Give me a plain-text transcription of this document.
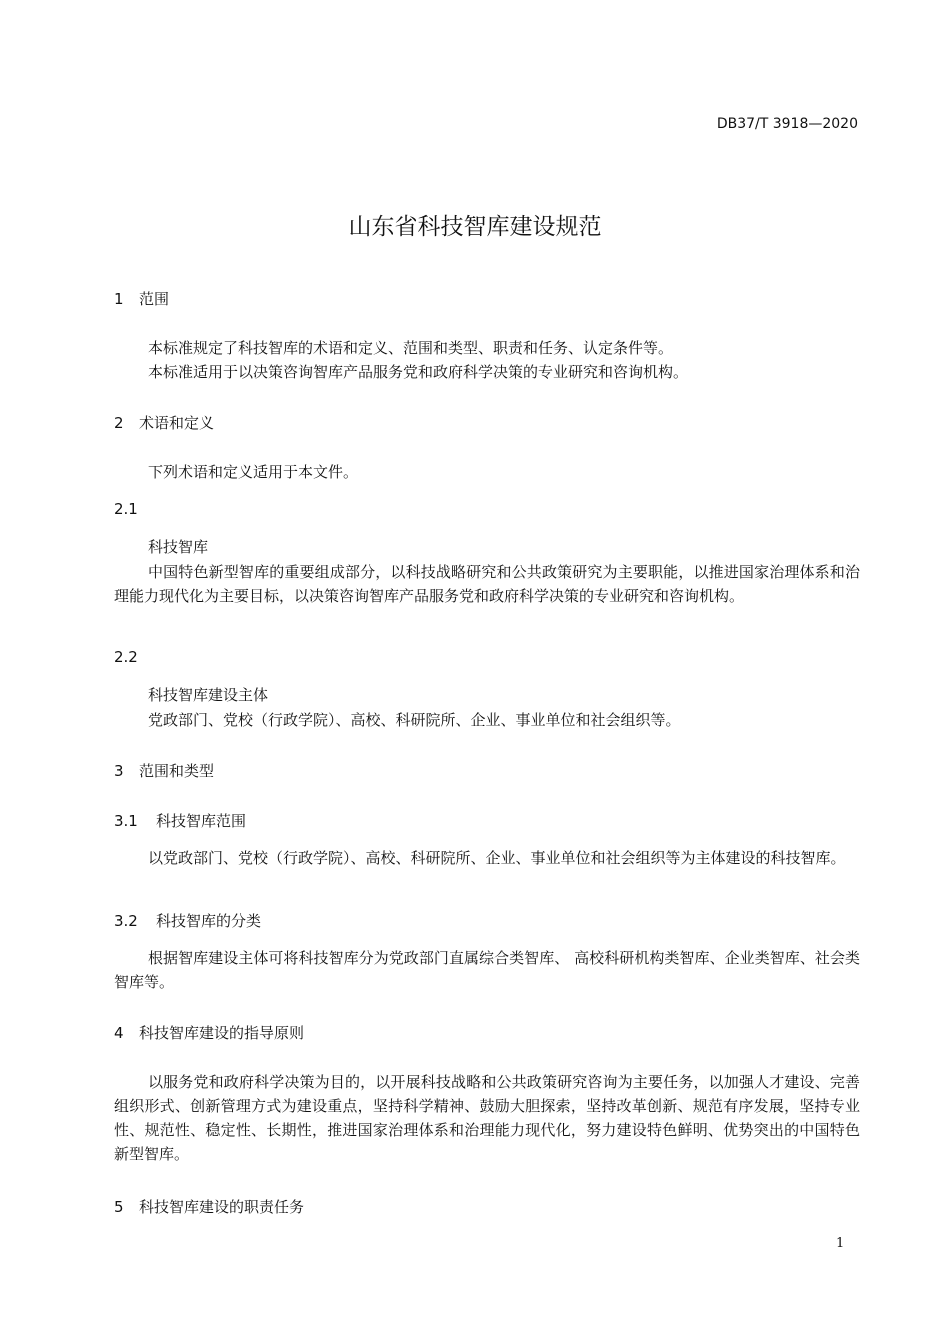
DB37/T 3918—2020
山东省科技智库建设规范
1 范围
本标准规定了科技智库的术语和定义、范围和类型、职责和任务、认定条件等。
本标准适用于以决策咨询智库产品服务党和政府科学决策的专业研究和咨询机构。
2 术语和定义
下列术语和定义适用于本文件。
2.1
科技智库
中国特色新型智库的重要组成部分，以科技战略研究和公共政策研究为主要职能，以推进国家治理体系和治理能力现代化为主要目标，以决策咨询智库产品服务党和政府科学决策的专业研究和咨询机构。
2.2
科技智库建设主体
党政部门、党校（行政学院）、高校、科研院所、企业、事业单位和社会组织等。
3 范围和类型
3.1 科技智库范围
以党政部门、党校（行政学院）、高校、科研院所、企业、事业单位和社会组织等为主体建设的科技智库。
3.2 科技智库的分类
根据智库建设主体可将科技智库分为党政部门直属综合类智库、 高校科研机构类智库、企业类智库、社会类智库等。
4 科技智库建设的指导原则
以服务党和政府科学决策为目的，以开展科技战略和公共政策研究咨询为主要任务，以加强人才建设、完善组织形式、创新管理方式为建设重点，坚持科学精神、鼓励大胆探索，坚持改革创新、规范有序发展，坚持专业性、规范性、稳定性、长期性，推进国家治理体系和治理能力现代化，努力建设特色鲜明、优势突出的中国特色新型智库。
5 科技智库建设的职责任务
1
